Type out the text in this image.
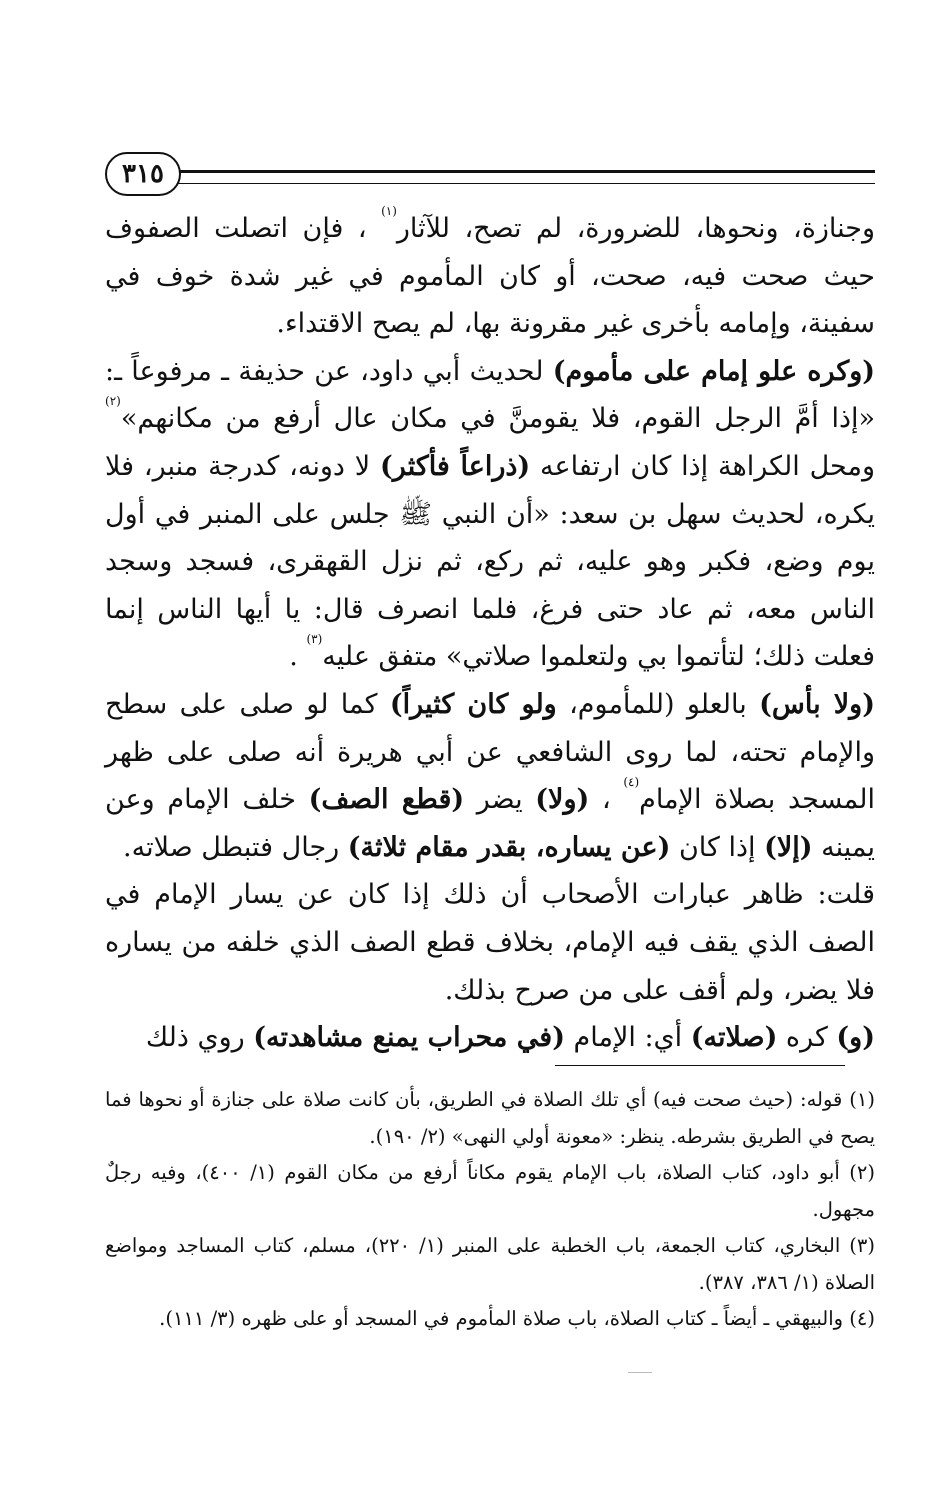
٣١٥

وجنازة، ونحوها، للضرورة، لم تصح، للآثار$^{(١)}$ ، فإن اتصلت الصفوف حيث صحت فيه، صحت، أو كان المأموم في غير شدة خوف في سفينة، وإمامه بأخرى غير مقرونة بها، لم يصح الاقتداء.

(وكره علو إمام على مأموم) لحديث أبي داود، عن حذيفة ـ مرفوعاً ـ: «إذا أمَّ الرجل القوم، فلا يقومنَّ في مكان عال أرفع من مكانهم»$^{(٢)}$ ومحل الكراهة إذا كان ارتفاعه (ذراعاً فأكثر) لا دونه، كدرجة منبر، فلا يكره، لحديث سهل بن سعد: «أن النبي ﷺ جلس على المنبر في أول يوم وضع، فكبر وهو عليه، ثم ركع، ثم نزل القهقرى، فسجد وسجد الناس معه، ثم عاد حتى فرغ، فلما انصرف قال: يا أيها الناس إنما فعلت ذلك؛ لتأتموا بي ولتعلموا صلاتي» متفق عليه$^{(٣)}$ .

(ولا بأس) بالعلو (للمأموم، ولو كان كثيراً) كما لو صلى على سطح والإمام تحته، لما روى الشافعي عن أبي هريرة أنه صلى على ظهر المسجد بصلاة الإمام$^{(٤)}$ ، (ولا) يضر (قطع الصف) خلف الإمام وعن يمينه (إلا) إذا كان (عن يساره، بقدر مقام ثلاثة) رجال فتبطل صلاته.

قلت: ظاهر عبارات الأصحاب أن ذلك إذا كان عن يسار الإمام في الصف الذي يقف فيه الإمام، بخلاف قطع الصف الذي خلفه من يساره فلا يضر، ولم أقف على من صرح بذلك.

(و) كره (صلاته) أي: الإمام (في محراب يمنع مشاهدته) روي ذلك

(١) قوله: (حيث صحت فيه) أي تلك الصلاة في الطريق، بأن كانت صلاة على جنازة أو نحوها فما يصح في الطريق بشرطه. ينظر: «معونة أولي النهى» (٢/ ١٩٠).

(٢) أبو داود، كتاب الصلاة، باب الإمام يقوم مكاناً أرفع من مكان القوم (١/ ٤٠٠)، وفيه رجلٌ مجهول.

(٣) البخاري، كتاب الجمعة، باب الخطبة على المنبر (١/ ٢٢٠)، مسلم، كتاب المساجد ومواضع الصلاة (١/ ٣٨٦، ٣٨٧).

(٤) والبيهقي ـ أيضاً ـ كتاب الصلاة، باب صلاة المأموم في المسجد أو على ظهره (٣/ ١١١).
